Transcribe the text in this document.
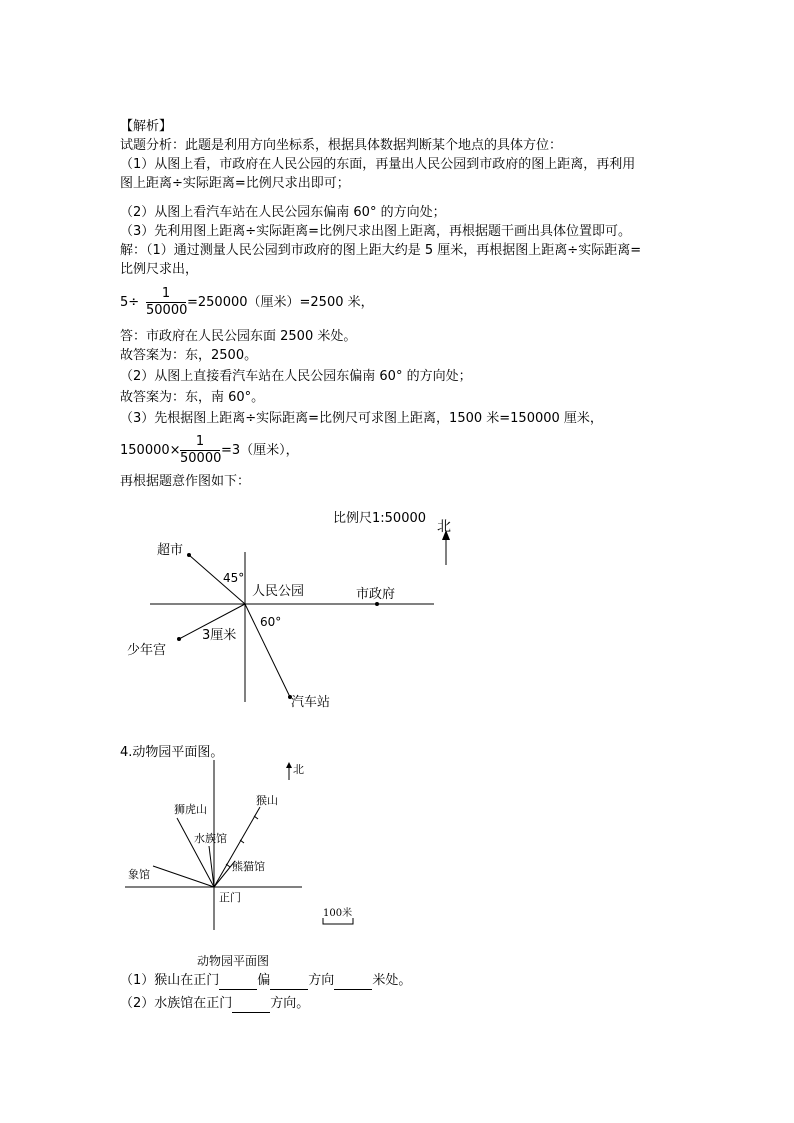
【解析】
试题分析：此题是利用方向坐标系，根据具体数据判断某个地点的具体方位：
（1）从图上看，市政府在人民公园的东面，再量出人民公园到市政府的图上距离，再利用
图上距离÷实际距离=比例尺求出即可；
（2）从图上看汽车站在人民公园东偏南 60° 的方向处；
（3）先利用图上距离÷实际距离=比例尺求出图上距离，再根据题干画出具体位置即可。
解：（1）通过测量人民公园到市政府的图上距大约是 5 厘米，再根据图上距离÷实际距离=
比例尺求出，
5÷
1
50000
=250000（厘米）=2500 米，
答：市政府在人民公园东面 2500 米处。
故答案为：东，2500。
（2）从图上直接看汽车站在人民公园东偏南 60° 的方向处；
故答案为：东，南 60°。
（3）先根据图上距离÷实际距离=比例尺可求图上距离，1500 米=150000 厘米，
150000×
1
50000
=3（厘米），
再根据题意作图如下：
比例尺1:50000
北
超市
45°
人民公园	市政府
少年宫
3厘米
60°
汽车站
4.动物园平面图。
北
狮虎山
猴山
水族馆
熊猫馆
象馆
正门
100米
动物园平面图
（1）猴山在正门	偏	方向	米处。
（2）水族馆在正门	方向。
